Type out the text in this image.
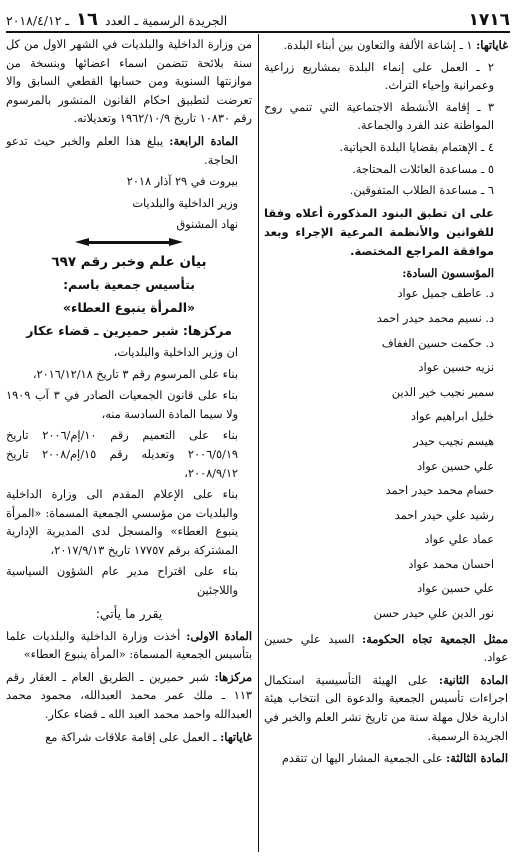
١٧١٦
الجريدة الرسمية ـ العدد ١٦ ـ ٢٠١٨/٤/١٢

غاياتها: ١ ـ إشاعة الألفة والتعاون بين أبناء البلدة.

٢ ـ العمل على إنماء البلدة بمشاريع زراعية وعمرانية وإحياء التراث.

٣ ـ إقامة الأنشطة الاجتماعية التي تنمي روح المواطنة عند الفرد والجماعة.

٤ ـ الإهتمام بقضايا البلدة الحياتية.

٥ ـ مساعدة العائلات المحتاجة.

٦ ـ مساعدة الطلاب المتفوقين.

على ان تطبق البنود المذكورة أعلاه وفقا للقوانين والأنظمة المرعية الإجراء وبعد موافقة المراجع المختصة.

المؤسسون السادة:

د. عاطف جميل عواد

د. نسيم محمد حيدر احمد

د. حكمت حسين الغفاف

نزيه حسين عواد

سمير نجيب خير الدين

خليل ابراهيم عواد

هيسم نجيب حيدر

علي حسين عواد

حسام محمد حيدر احمد

رشيد علي حيدر احمد

عماد علي عواد

احسان محمد عواد

علي حسين عواد

نور الدين علي حيدر حسن

ممثل الجمعية تجاه الحكومة: السيد علي حسين عواد.

المادة الثانية: على الهيئة التأسيسية استكمال اجراءات تأسيس الجمعية والدعوة الى انتخاب هيئة ادارية خلال مهلة سنة من تاريخ نشر العلم والخبر في الجريدة الرسمية.

المادة الثالثة: على الجمعية المشار اليها ان تتقدم

من وزارة الداخلية والبلديات في الشهر الاول من كل سنة بلائحة تتضمن اسماء اعضائها وبنسخة من موازنتها السنوية ومن حسابها القطعي السابق والا تعرضت لتطبيق احكام القانون المنشور بالمرسوم رقم ١٠٨٣٠ تاريخ ١٩٦٢/١٠/٩ وتعديلاته.

المادة الرابعة: يبلغ هذا العلم والخبر حيث تدعو الحاجة.

بيروت في ٢٩ آذار ٢٠١٨

وزير الداخلية والبلديات

نهاد المشنوق

بيان علم وخبر رقم ٦٩٧

بتأسيس جمعية باسم:

«المرأة ينبوع العطاء»

مركزها: شبر حميرين ـ قضاء عكار

ان وزير الداخلية والبلديات،

بناء على المرسوم رقم ٣ تاريخ ٢٠١٦/١٢/١٨،

بناء على قانون الجمعيات الصادر في ٣ آب ١٩٠٩ ولا سيما المادة السادسة منه،

بناء على التعميم رقم ١٠/إم/٢٠٠٦ تاريخ ٢٠٠٦/٥/١٩ وتعديله رقم ١٥/إم/٢٠٠٨ تاريخ ٢٠٠٨/٩/١٢،

بناء على الإعلام المقدم الى وزارة الداخلية والبلديات من مؤسسي الجمعية المسماة: «المرأة ينبوع العطاء» والمسجل لدى المديرية الإدارية المشتركة برقم ١٧٧٥٧ تاريخ ٢٠١٧/٩/١٣،

بناء على اقتراح مدير عام الشؤون السياسية واللاجئين

يقرر ما يأتي:

المادة الاولى: أخذت وزارة الداخلية والبلديات علما بتأسيس الجمعية المسماة: «المرأة ينبوع العطاء»

مركزها: شبر حميرين ـ الطريق العام ـ العقار رقم ١١٣ ـ ملك عمر محمد العبدالله، محمود محمد العبدالله واحمد محمد العبد الله ـ قضاء عكار.

غاياتها: ـ العمل على إقامة علاقات شراكة مع
